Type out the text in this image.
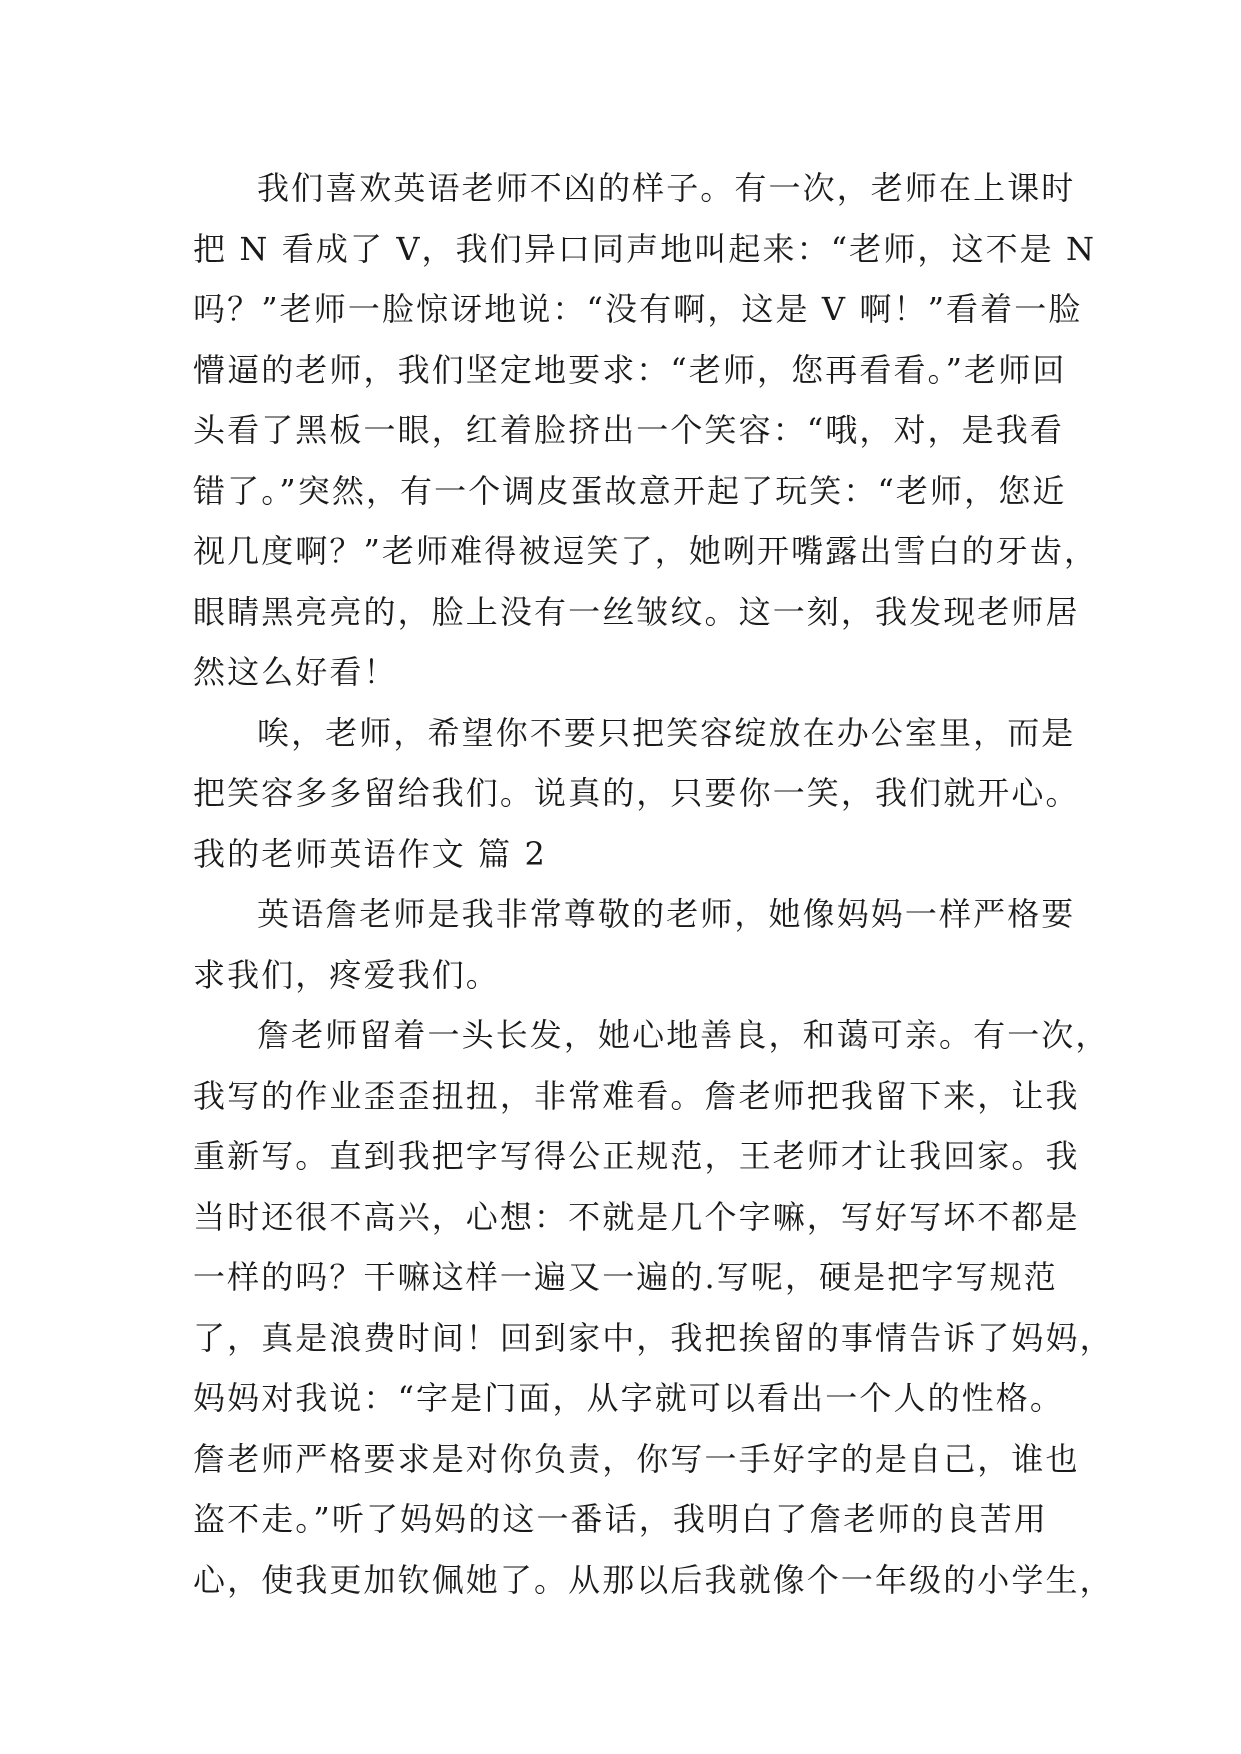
我们喜欢英语老师不凶的样子。有一次，老师在上课时
把 N 看成了 V，我们异口同声地叫起来：“老师，这不是 N
吗？”老师一脸惊讶地说：“没有啊，这是 V 啊！”看着一脸
懵逼的老师，我们坚定地要求：“老师，您再看看。”老师回
头看了黑板一眼，红着脸挤出一个笑容：“哦，对，是我看
错了。”突然，有一个调皮蛋故意开起了玩笑：“老师，您近
视几度啊？”老师难得被逗笑了，她咧开嘴露出雪白的牙齿，
眼睛黑亮亮的，脸上没有一丝皱纹。这一刻，我发现老师居
然这么好看！
唉，老师，希望你不要只把笑容绽放在办公室里，而是
把笑容多多留给我们。说真的，只要你一笑，我们就开心。
我的老师英语作文 篇 2
英语詹老师是我非常尊敬的老师，她像妈妈一样严格要
求我们，疼爱我们。
詹老师留着一头长发，她心地善良，和蔼可亲。有一次，
我写的作业歪歪扭扭，非常难看。詹老师把我留下来，让我
重新写。直到我把字写得公正规范，王老师才让我回家。我
当时还很不高兴，心想：不就是几个字嘛，写好写坏不都是
一样的吗？干嘛这样一遍又一遍的.写呢，硬是把字写规范
了，真是浪费时间！回到家中，我把挨留的事情告诉了妈妈，
妈妈对我说：“字是门面，从字就可以看出一个人的性格。
詹老师严格要求是对你负责，你写一手好字的是自己，谁也
盗不走。”听了妈妈的这一番话，我明白了詹老师的良苦用
心，使我更加钦佩她了。从那以后我就像个一年级的小学生，
